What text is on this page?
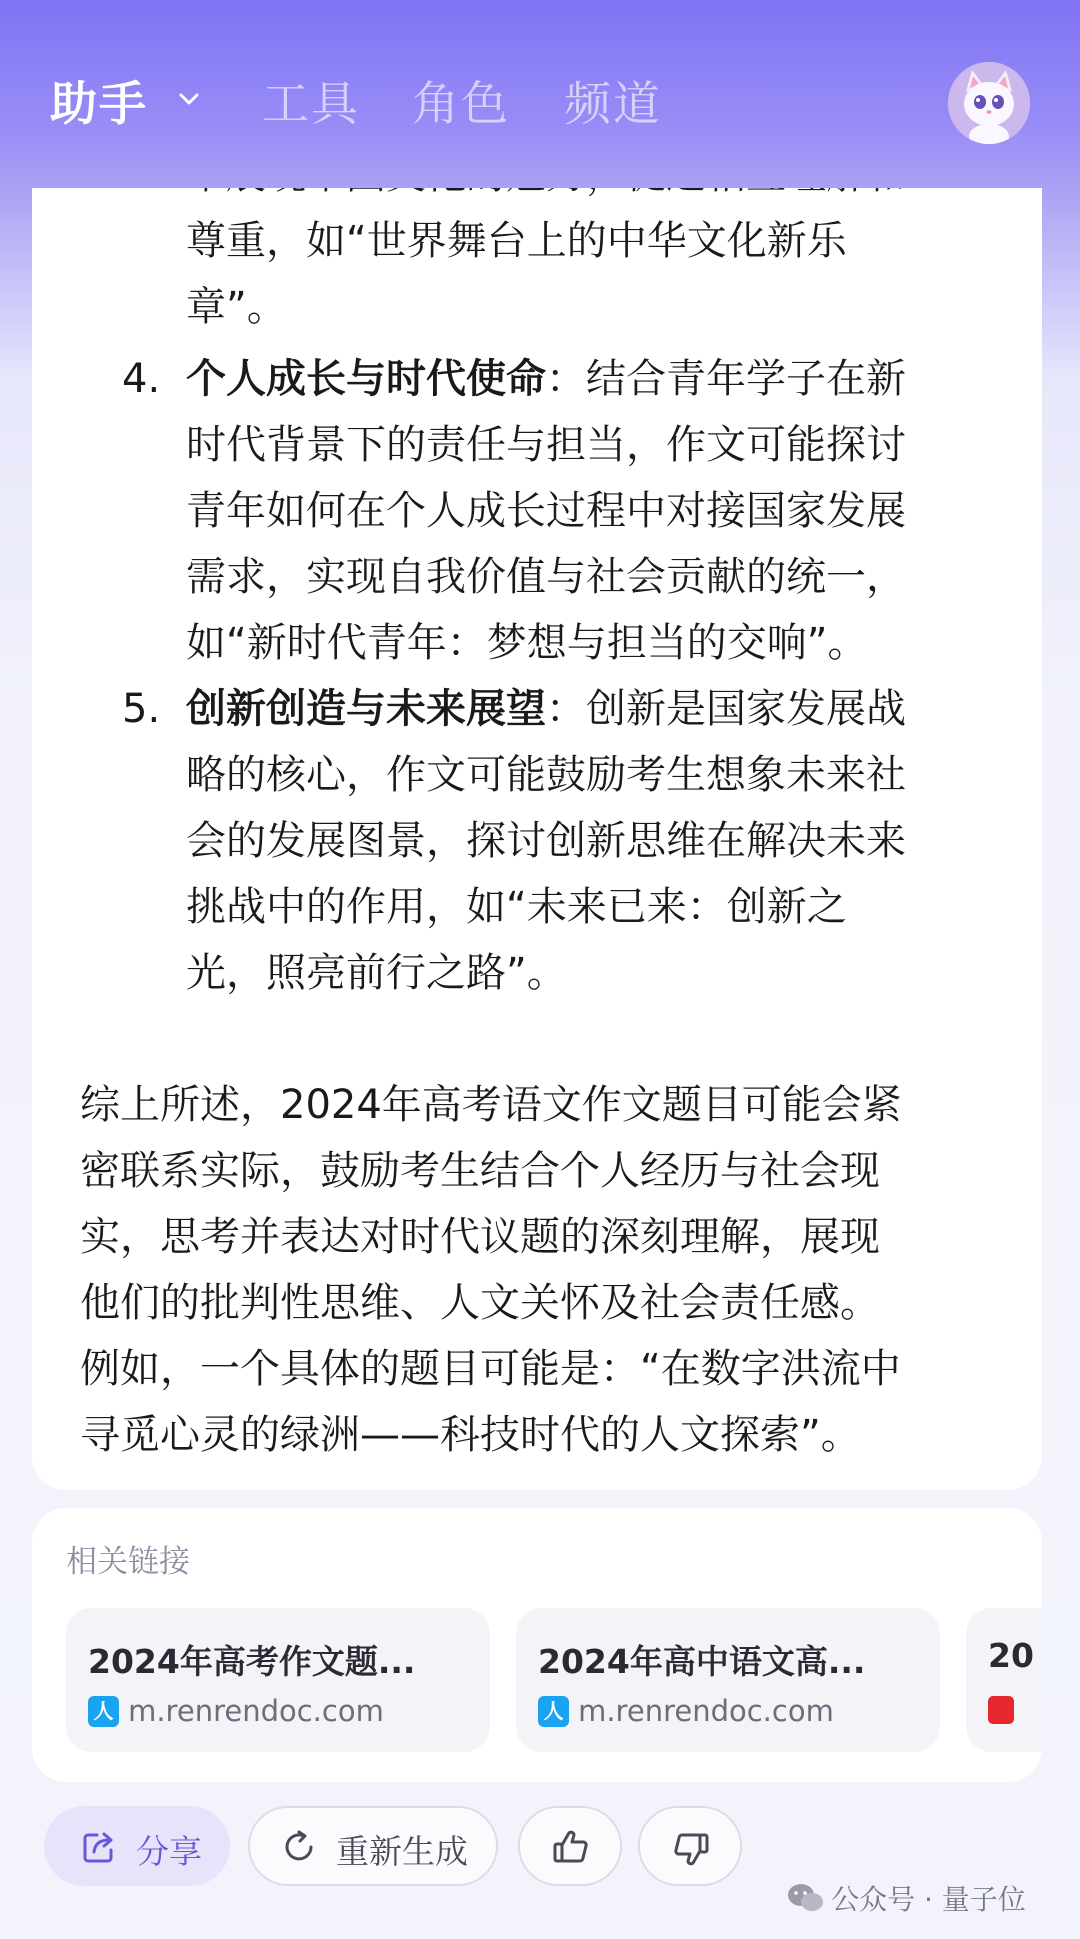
助手 工具 角色 频道

尊重，如“世界舞台上的中华文化新乐
章”。

4. 个人成长与时代使命：结合青年学子在新
时代背景下的责任与担当，作文可能探讨
青年如何在个人成长过程中对接国家发展
需求，实现自我价值与社会贡献的统一，
如“新时代青年：梦想与担当的交响”。

5. 创新创造与未来展望：创新是国家发展战
略的核心，作文可能鼓励考生想象未来社
会的发展图景，探讨创新思维在解决未来
挑战中的作用，如“未来已来：创新之
光，照亮前行之路”。

综上所述，2024年高考语文作文题目可能会紧
密联系实际，鼓励考生结合个人经历与社会现
实，思考并表达对时代议题的深刻理解，展现
他们的批判性思维、人文关怀及社会责任感。
例如，一个具体的题目可能是：“在数字洪流中
寻觅心灵的绿洲——科技时代的人文探索”。

相关链接
2024年高考作文题...
人 m.renrendoc.com
2024年高中语文高...
人 m.renrendoc.com
20
分享	重新生成
公众号 · 量子位
